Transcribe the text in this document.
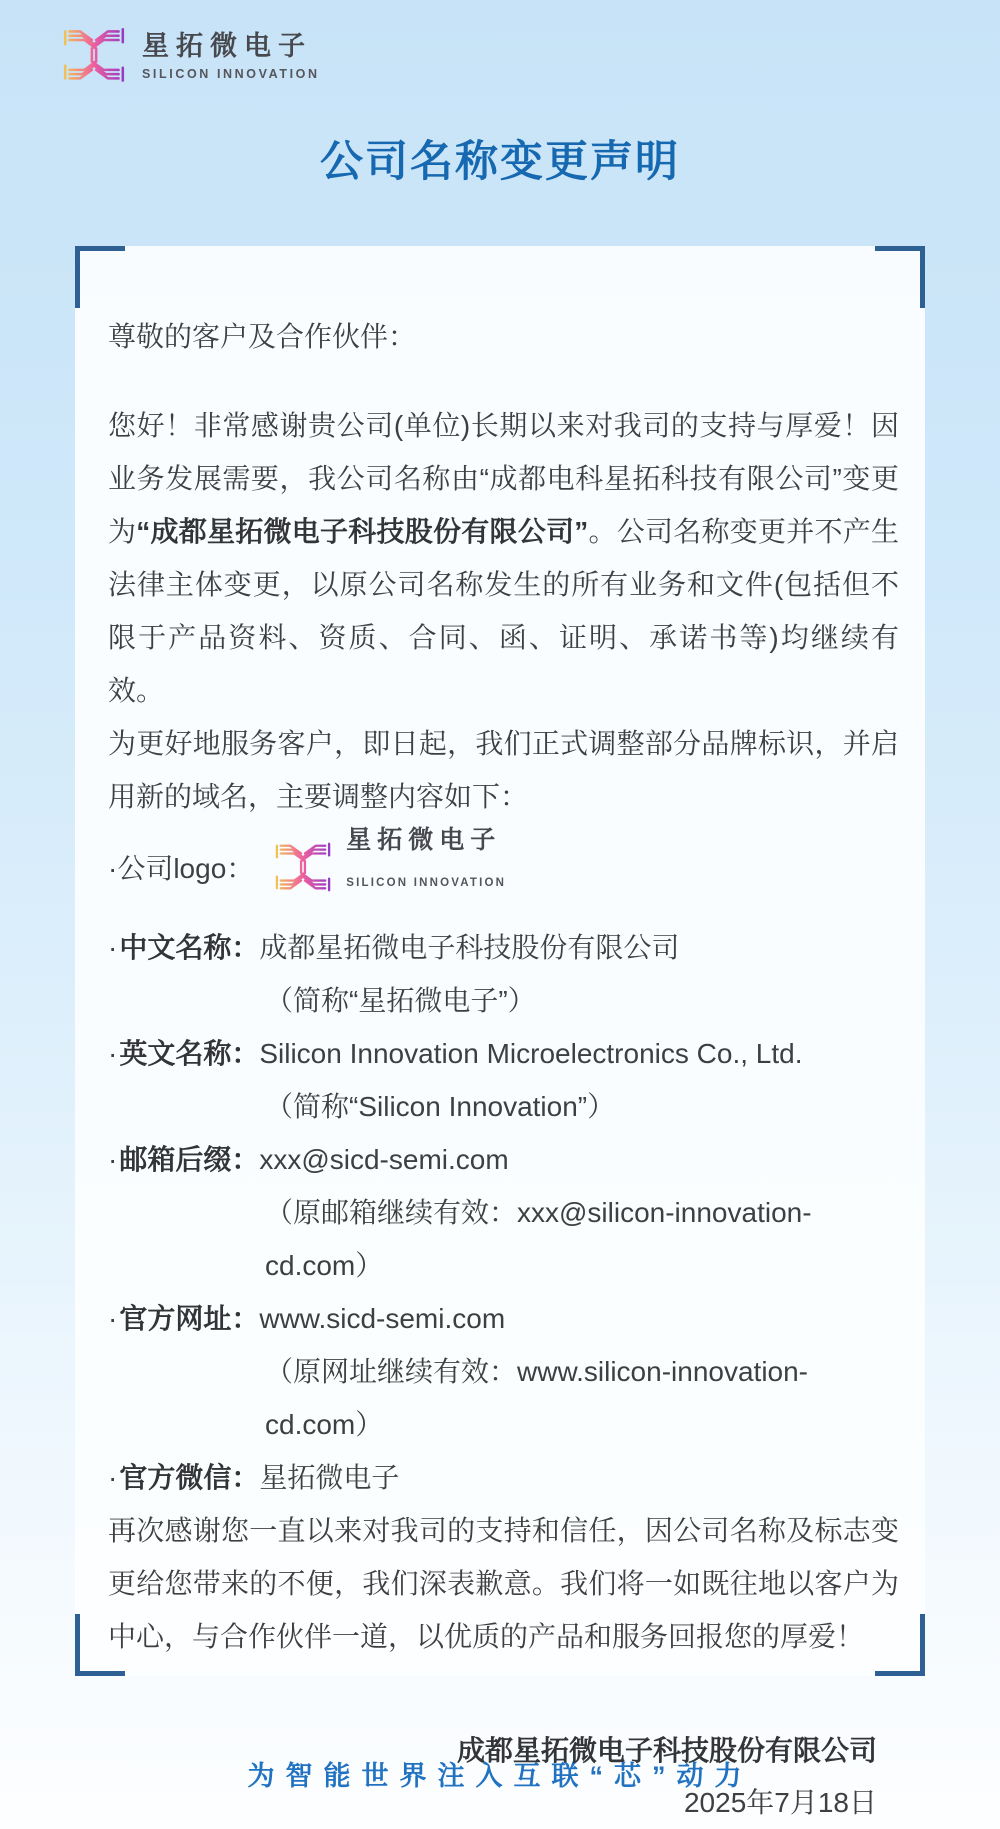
星拓微电子
SILICON INNOVATION
公司名称变更声明

尊敬的客户及合作伙伴：

您好！非常感谢贵公司(单位)长期以来对我司的支持与厚爱！因业务发展需要，我公司名称由“成都电科星拓科技有限公司”变更为“成都星拓微电子科技股份有限公司”。公司名称变更并不产生法律主体变更，以原公司名称发生的所有业务和文件(包括但不限于产品资料、资质、合同、函、证明、承诺书等)均继续有效。

为更好地服务客户，即日起，我们正式调整部分品牌标识，并启用新的域名，主要调整内容如下：

·公司logo：
星拓微电子
SILICON INNOVATION

·中文名称：成都星拓微电子科技股份有限公司

（简称“星拓微电子”）

·英文名称：Silicon Innovation Microelectronics Co., Ltd.

（简称“Silicon Innovation”）

·邮箱后缀：xxx@sicd-semi.com

（原邮箱继续有效：xxx@silicon-innovation-cd.com）

·官方网址：www.sicd-semi.com

（原网址继续有效：www.silicon-innovation-cd.com）

·官方微信：星拓微电子

再次感谢您一直以来对我司的支持和信任，因公司名称及标志变更给您带来的不便，我们深表歉意。我们将一如既往地以客户为中心，与合作伙伴一道，以优质的产品和服务回报您的厚爱！

成都星拓微电子科技股份有限公司
2025年7月18日
为智能世界注入互联“芯”动力
